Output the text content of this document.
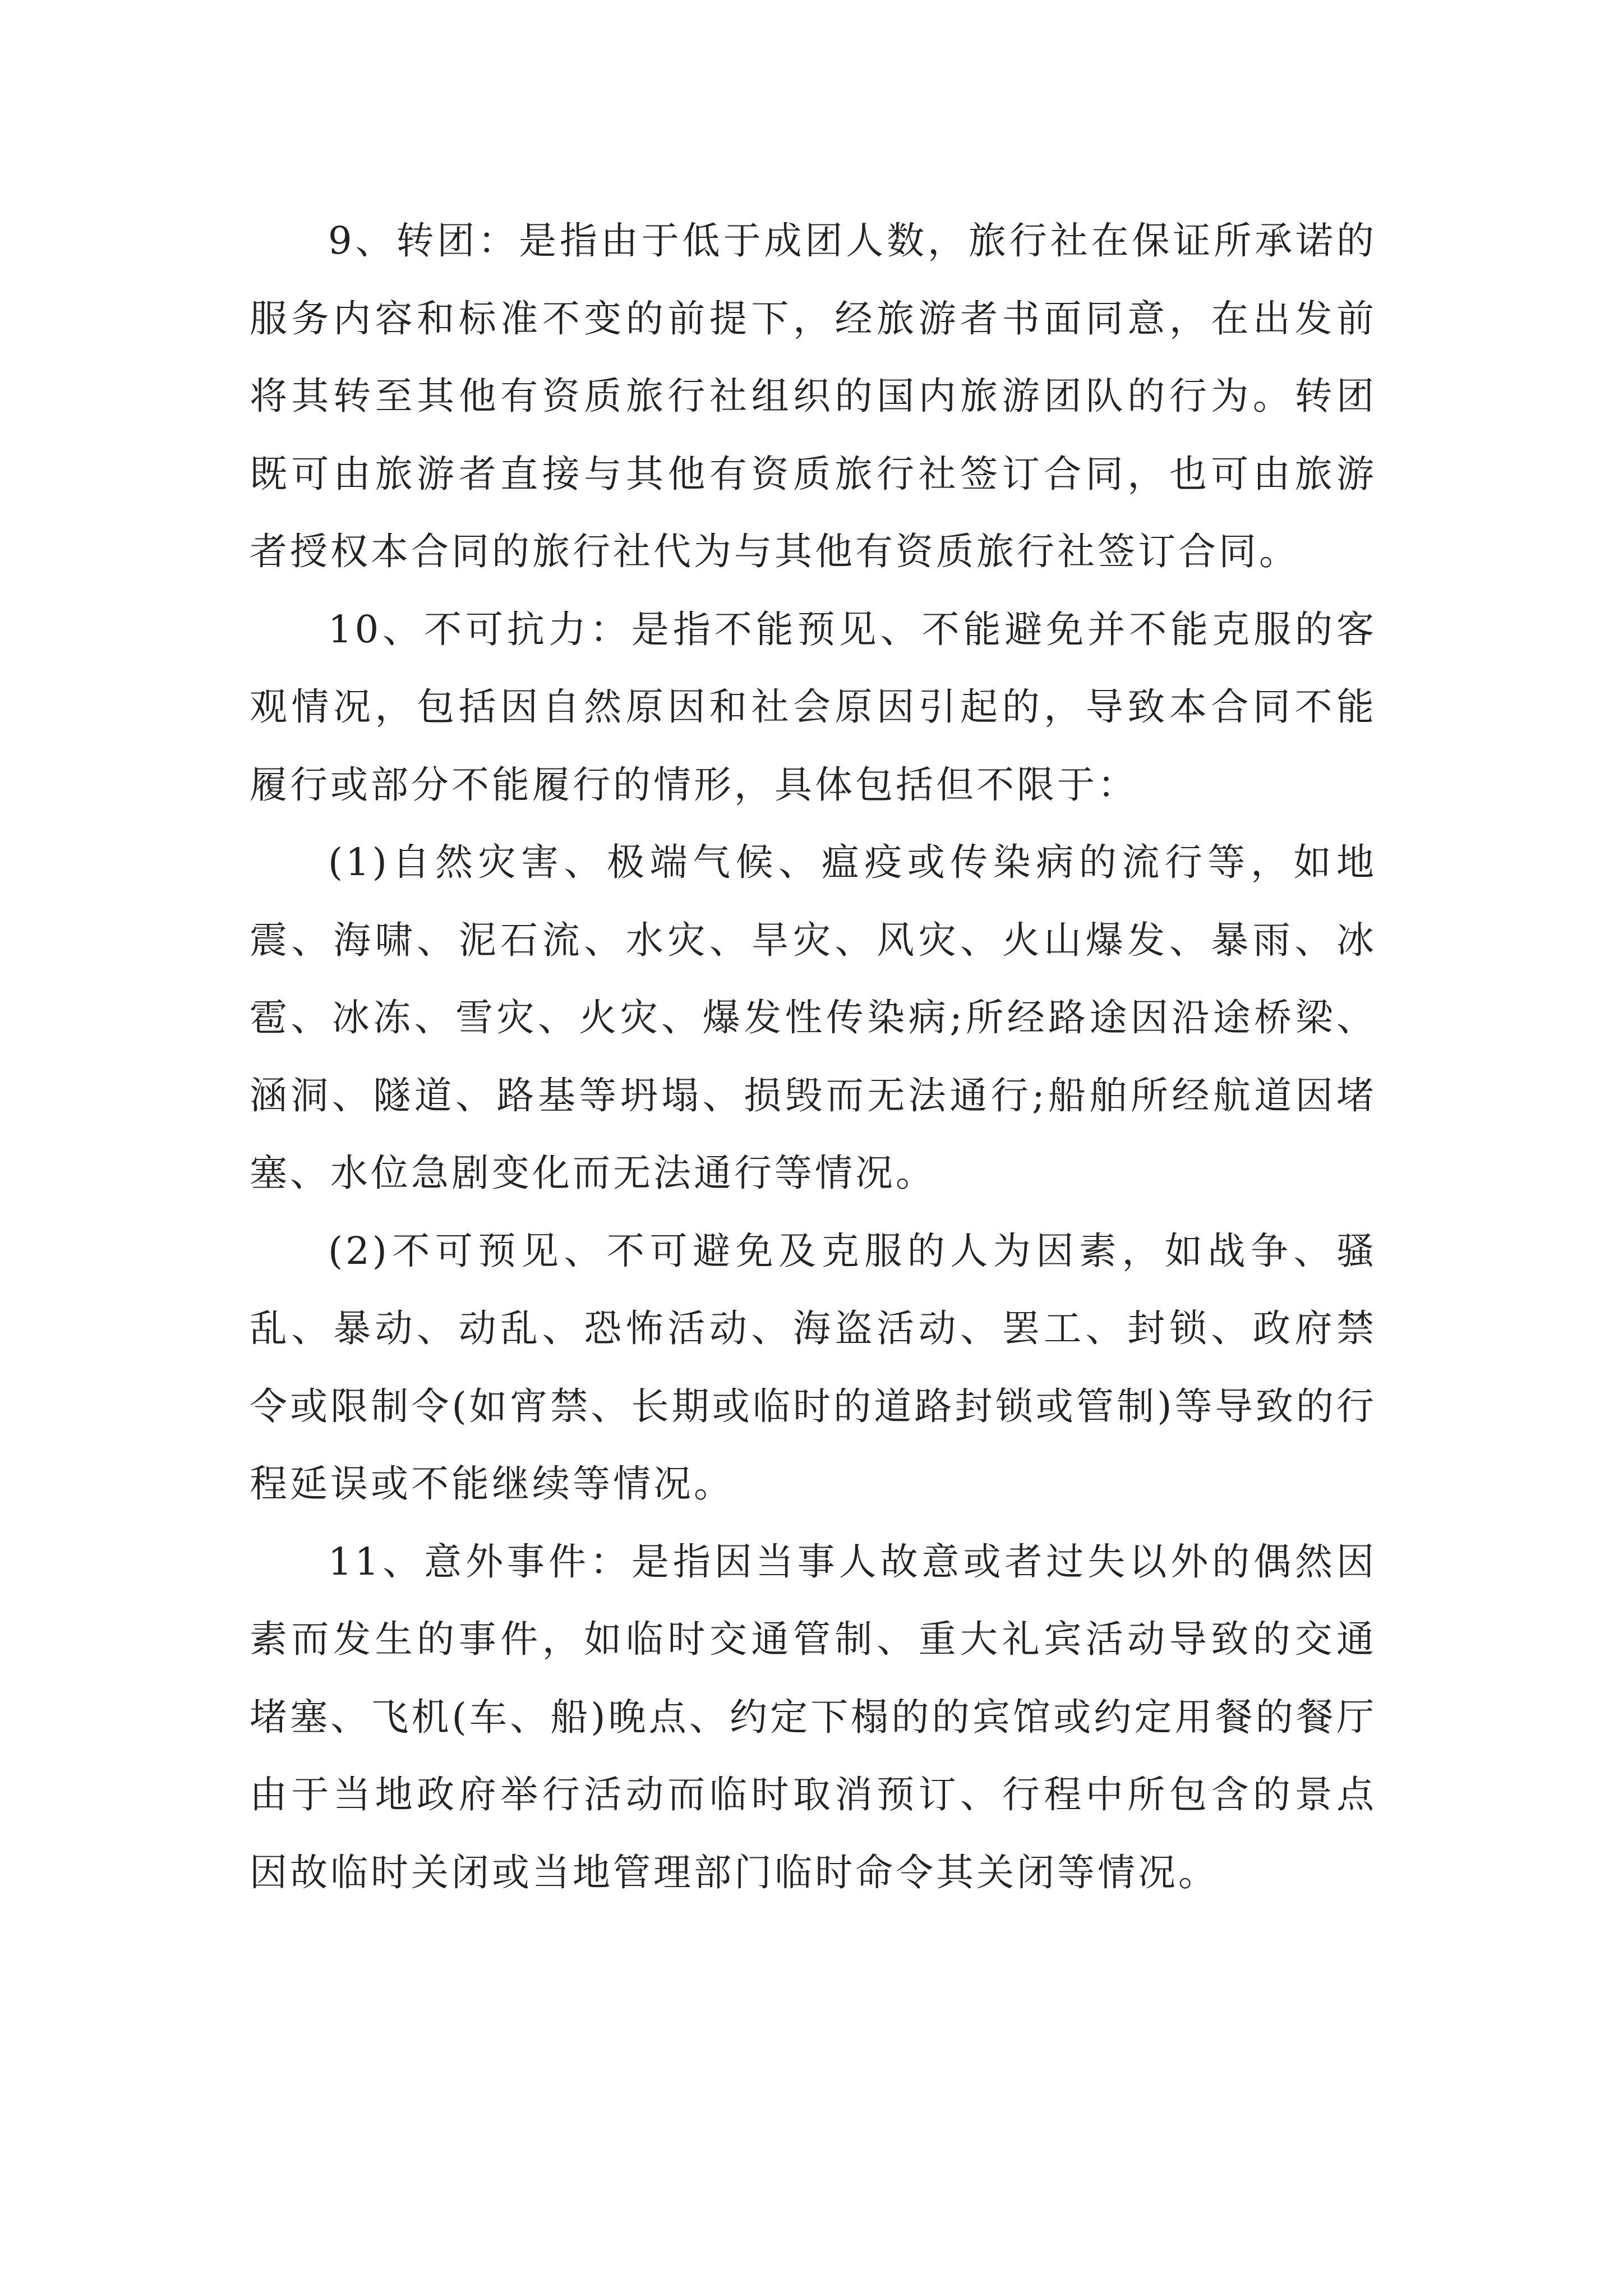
9、转团：是指由于低于成团人数，旅行社在保证所承诺的服务内容和标准不变的前提下，经旅游者书面同意，在出发前将其转至其他有资质旅行社组织的国内旅游团队的行为。转团既可由旅游者直接与其他有资质旅行社签订合同，也可由旅游者授权本合同的旅行社代为与其他有资质旅行社签订合同。

10、不可抗力：是指不能预见、不能避免并不能克服的客观情况，包括因自然原因和社会原因引起的，导致本合同不能履行或部分不能履行的情形，具体包括但不限于：

(1)自然灾害、极端气候、瘟疫或传染病的流行等，如地震、海啸、泥石流、水灾、旱灾、风灾、火山爆发、暴雨、冰雹、冰冻、雪灾、火灾、爆发性传染病;所经路途因沿途桥梁、涵洞、隧道、路基等坍塌、损毁而无法通行;船舶所经航道因堵塞、水位急剧变化而无法通行等情况。

(2)不可预见、不可避免及克服的人为因素，如战争、骚乱、暴动、动乱、恐怖活动、海盗活动、罢工、封锁、政府禁令或限制令(如宵禁、长期或临时的道路封锁或管制)等导致的行程延误或不能继续等情况。

11、意外事件：是指因当事人故意或者过失以外的偶然因素而发生的事件，如临时交通管制、重大礼宾活动导致的交通堵塞、飞机(车、船)晚点、约定下榻的的宾馆或约定用餐的餐厅由于当地政府举行活动而临时取消预订、行程中所包含的景点因故临时关闭或当地管理部门临时命令其关闭等情况。
